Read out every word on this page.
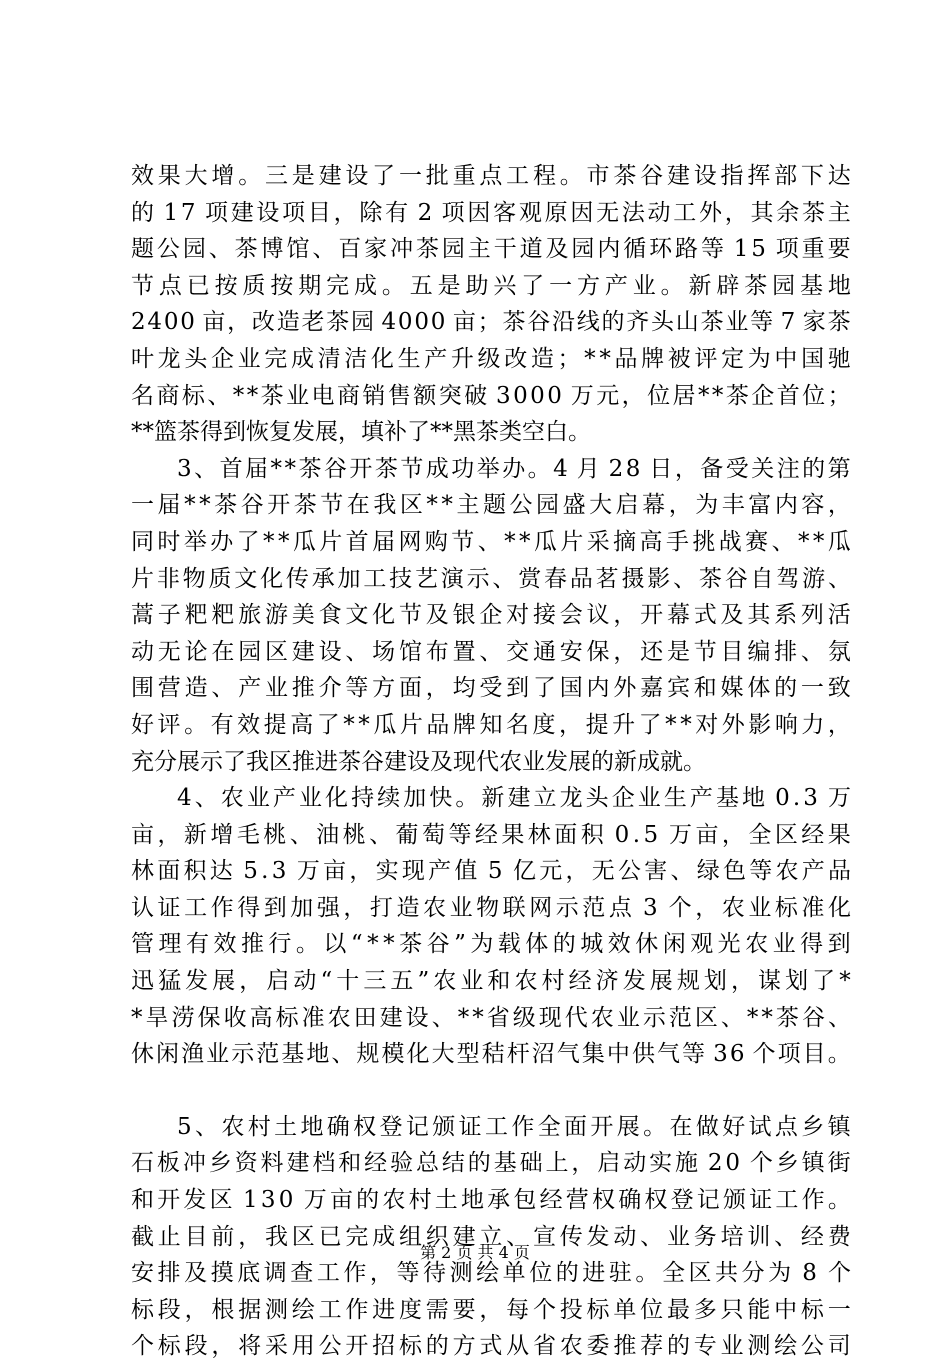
效 果 大 增 。 三 是 建 设 了 一 批 重 点 工 程 。 市 茶 谷 建 设 指 挥 部 下 达
的
1 7
项 建 设 项 目 ， 除 有
2
项 因 客 观 原 因 无 法 动 工 外 ， 其 余 茶 主
题 公 园 、 茶 博 馆 、 百 家 冲 茶 园 主 干 道 及 园 内 循 环 路 等
1 5
项 重 要
节 点 已 按 质 按 期 完 成 。 五 是 助 兴 了 一 方 产 业 。 新 辟 茶 园 基 地
2 4 0 0
亩 ， 改 造 老 茶 园
4 0 0 0
亩 ； 茶 谷 沿 线 的 齐 头 山 茶 业 等
7
家 茶
叶 龙 头 企 业 完 成 清 洁 化 生 产 升 级 改 造 ； * * 品 牌 被 评 定 为 中 国 驰
名 商 标 、 * * 茶 业 电 商 销 售 额 突 破
3 0 0 0
万 元 ， 位 居 * * 茶 企 首 位 ；
**篮茶得到恢复发展，填补了**黑茶类空白。
3 、 首 届 * * 茶 谷 开 茶 节 成 功 举 办 。 4
月
2 8
日 ， 备 受 关 注 的 第
一 届 * * 茶 谷 开 茶 节 在 我 区 * * 主 题 公 园 盛 大 启 幕 ， 为 丰 富 内 容 ，
同 时 举 办 了 * * 瓜 片 首 届 网 购 节 、 * * 瓜 片 采 摘 高 手 挑 战 赛 、 * * 瓜
片 非 物 质 文 化 传 承 加 工 技 艺 演 示 、 赏 春 品 茗 摄 影 、 茶 谷 自 驾 游 、
蒿 子 粑 粑 旅 游 美 食 文 化 节 及 银 企 对 接 会 议 ， 开 幕 式 及 其 系 列 活
动 无 论 在 园 区 建 设 、 场 馆 布 置 、 交 通 安 保 ， 还 是 节 目 编 排 、 氛
围 营 造 、 产 业 推 介 等 方 面 ， 均 受 到 了 国 内 外 嘉 宾 和 媒 体 的 一 致
好 评 。 有 效 提 高 了 * * 瓜 片 品 牌 知 名 度 ， 提 升 了 * * 对 外 影 响 力 ，
充分展示了我区推进茶谷建设及现代农业发展的新成就。
4 、 农 业 产 业 化 持 续 加 快 。 新 建 立 龙 头 企 业 生 产 基 地
0 . 3
万
亩 ， 新 增 毛 桃 、 油 桃 、 葡 萄 等 经 果 林 面 积
0 . 5
万 亩 ， 全 区 经 果
林 面 积 达
5 . 3
万 亩 ， 实 现 产 值
5
亿 元 ， 无 公 害 、 绿 色 等 农 产 品
认 证 工 作 得 到 加 强 ， 打 造 农 业 物 联 网 示 范 点
3
个 ， 农 业 标 准 化
管 理 有 效 推 行 。 以 “ * * 茶 谷 ” 为 载 体 的 城 效 休 闲 观 光 农 业 得 到
迅 猛 发 展 ， 启 动 “ 十 三 五 ” 农 业 和 农 村 经 济 发 展 规 划 ， 谋 划 了 *
* 旱 涝 保 收 高 标 准 农 田 建 设 、 * * 省 级 现 代 农 业 示 范 区 、 * * 茶 谷 、
休 闲 渔 业 示 范 基 地 、 规 模 化 大 型 秸 杆 沼 气 集 中 供 气 等
3 6
个 项 目 。
5 、 农 村 土 地 确 权 登 记 颁 证 工 作 全 面 开 展 。 在 做 好 试 点 乡 镇
石 板 冲 乡 资 料 建 档 和 经 验 总 结 的 基 础 上 ， 启 动 实 施
2 0
个 乡 镇 街
和 开 发 区
1 3 0
万 亩 的 农 村 土 地 承 包 经 营 权 确 权 登 记 颁 证 工 作 。
截 止 目 前 ， 我 区 已 完 成 组 织 建 立 、 宣 传 发 动 、 业 务 培 训 、 经 费
安 排 及 摸 底 调 查 工 作 ， 等 待 测 绘 单 位 的 进 驻 。 全 区 共 分 为
8
个
标 段 ， 根 据 测 绘 工 作 进 度 需 要 ， 每 个 投 标 单 位 最 多 只 能 中 标 一
个 标 段 ， 将 采 用 公 开 招 标 的 方 式 从 省 农 委 推 荐 的 专 业 测 绘 公 司
第 2 页 共 4 页
